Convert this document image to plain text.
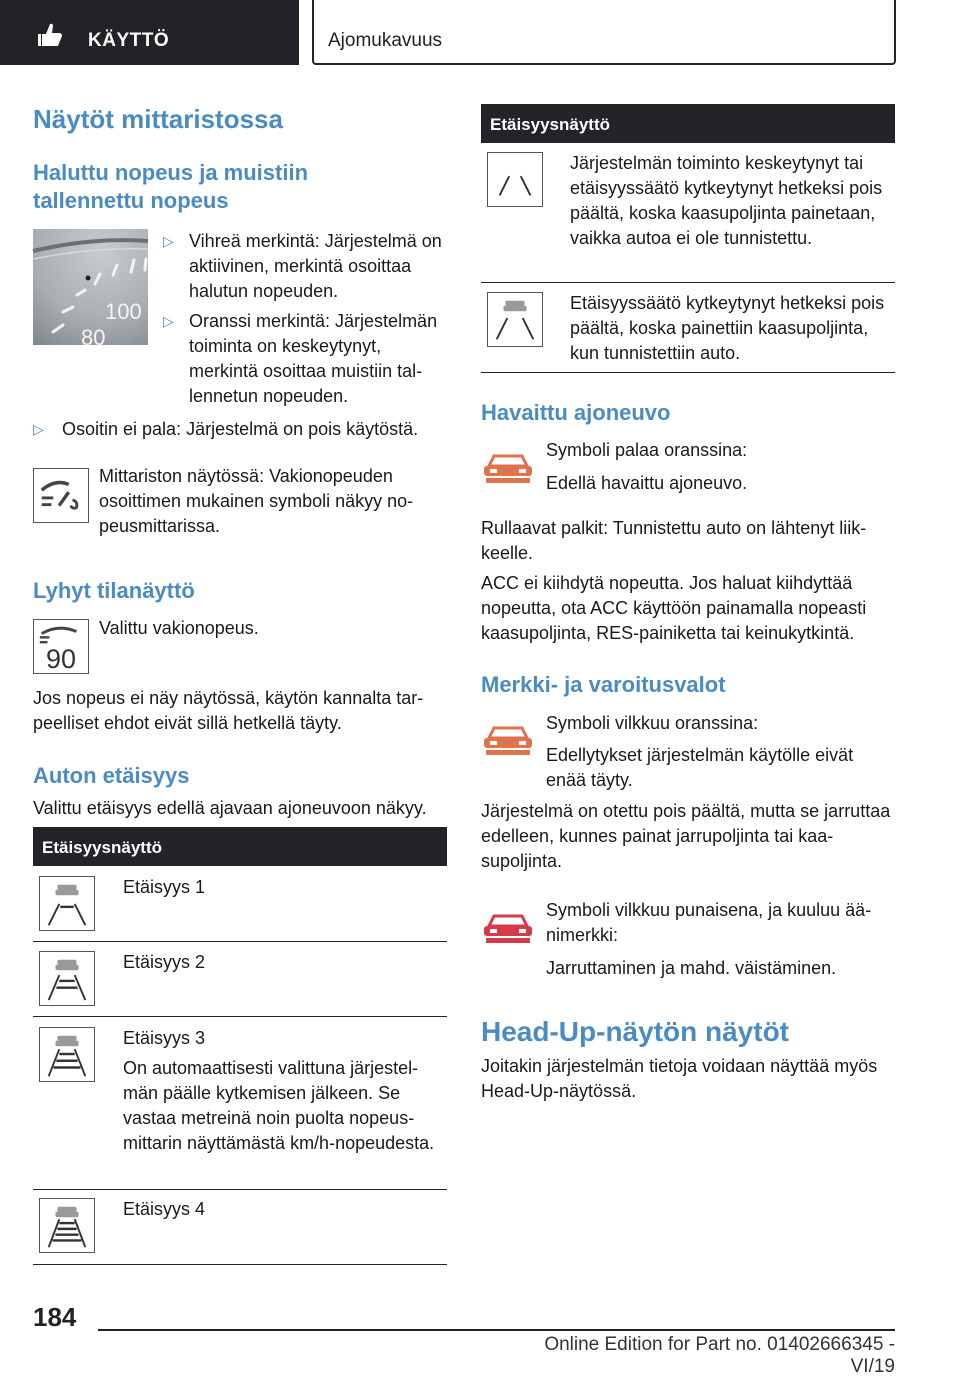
KÄYTTÖ	Ajomukavuus
Näytöt mittaristossa
Haluttu nopeus ja muistiin tallennettu nopeus
100
80
▷ Vihreä merkintä: Järjestelmä on aktiivinen, merkintä osoittaa halutun nopeuden.
▷ Oranssi merkintä: Järjestelmän toiminta on keskeytynyt, merkintä osoittaa muistiin tallennetun nopeuden.
▷ Osoitin ei pala: Järjestelmä on pois käytöstä.
Mittariston näytössä: Vakionopeuden osoittimen mukainen symboli näkyy nopeusmittarissa.
Lyhyt tilanäyttö
90
Valittu vakionopeus.
Jos nopeus ei näy näytössä, käytön kannalta tarpeelliset ehdot eivät sillä hetkellä täyty.
Auton etäisyys
Valittu etäisyys edellä ajavaan ajoneuvoon näkyy.
Etäisyysnäyttö
Etäisyys 1
Etäisyys 2
Etäisyys 3
On automaattisesti valittuna järjestelmän päälle kytkemisen jälkeen. Se vastaa metreinä noin puolta nopeusmittarin näyttämästä km/h-nopeudesta.
Etäisyys 4
Etäisyysnäyttö
Järjestelmän toiminto keskeytynyt tai etäisyyssäätö kytkeytynyt hetkeksi pois päältä, koska kaasupoljinta painetaan, vaikka autoa ei ole tunnistettu.
Etäisyyssäätö kytkeytynyt hetkeksi pois päältä, koska painettiin kaasupoljinta, kun tunnistettiin auto.
Havaittu ajoneuvo
Symboli palaa oranssina:
Edellä havaittu ajoneuvo.
Rullaavat palkit: Tunnistettu auto on lähtenyt liikkeelle.
ACC ei kiihdytä nopeutta. Jos haluat kiihdyttää nopeutta, ota ACC käyttöön painamalla nopeasti kaasupoljinta, RES-painiketta tai keinukytkintä.
Merkki- ja varoitusvalot
Symboli vilkkuu oranssina:
Edellytykset järjestelmän käytölle eivät enää täyty.
Järjestelmä on otettu pois päältä, mutta se jarruttaa edelleen, kunnes painat jarrupoljinta tai kaasupoljinta.
Symboli vilkkuu punaisena, ja kuuluu äänimerkki:
Jarruttaminen ja mahd. väistäminen.
Head-Up-näytön näytöt
Joitakin järjestelmän tietoja voidaan näyttää myös Head-Up-näytössä.
184
Online Edition for Part no. 01402666345 - VI/19
